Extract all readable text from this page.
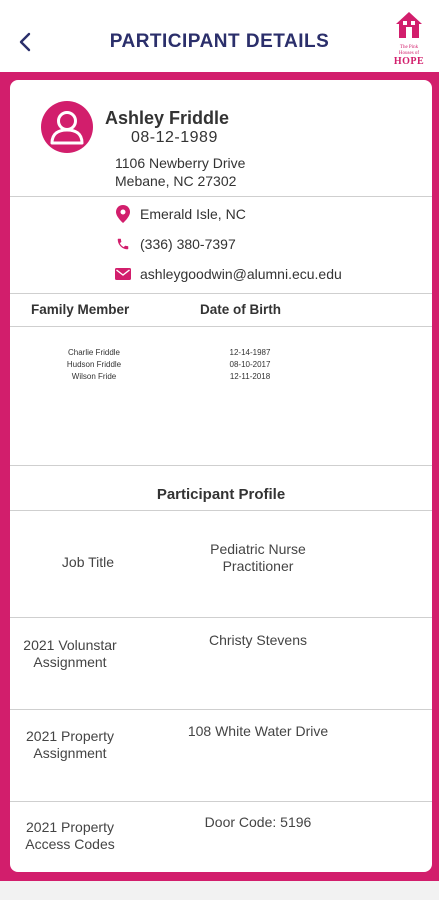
PARTICIPANT DETAILS	The Pink
Houses of
HOPE
Ashley Friddle
08-12-1989
1106 Newberry Drive
Mebane, NC 27302
Emerald Isle, NC
(336) 380-7397
ashleygoodwin@alumni.ecu.edu
Family Member	Date of Birth
Charlie Friddle
Hudson Friddle
Wilson Fride
12-14-1987
08-10-2017
12-11-2018
Participant Profile
Job Title
Pediatric Nurse
Practitioner
2021 Volunstar
Assignment
Christy Stevens
2021 Property
Assignment
108 White Water Drive
2021 Property
Access Codes
Door Code: 5196
